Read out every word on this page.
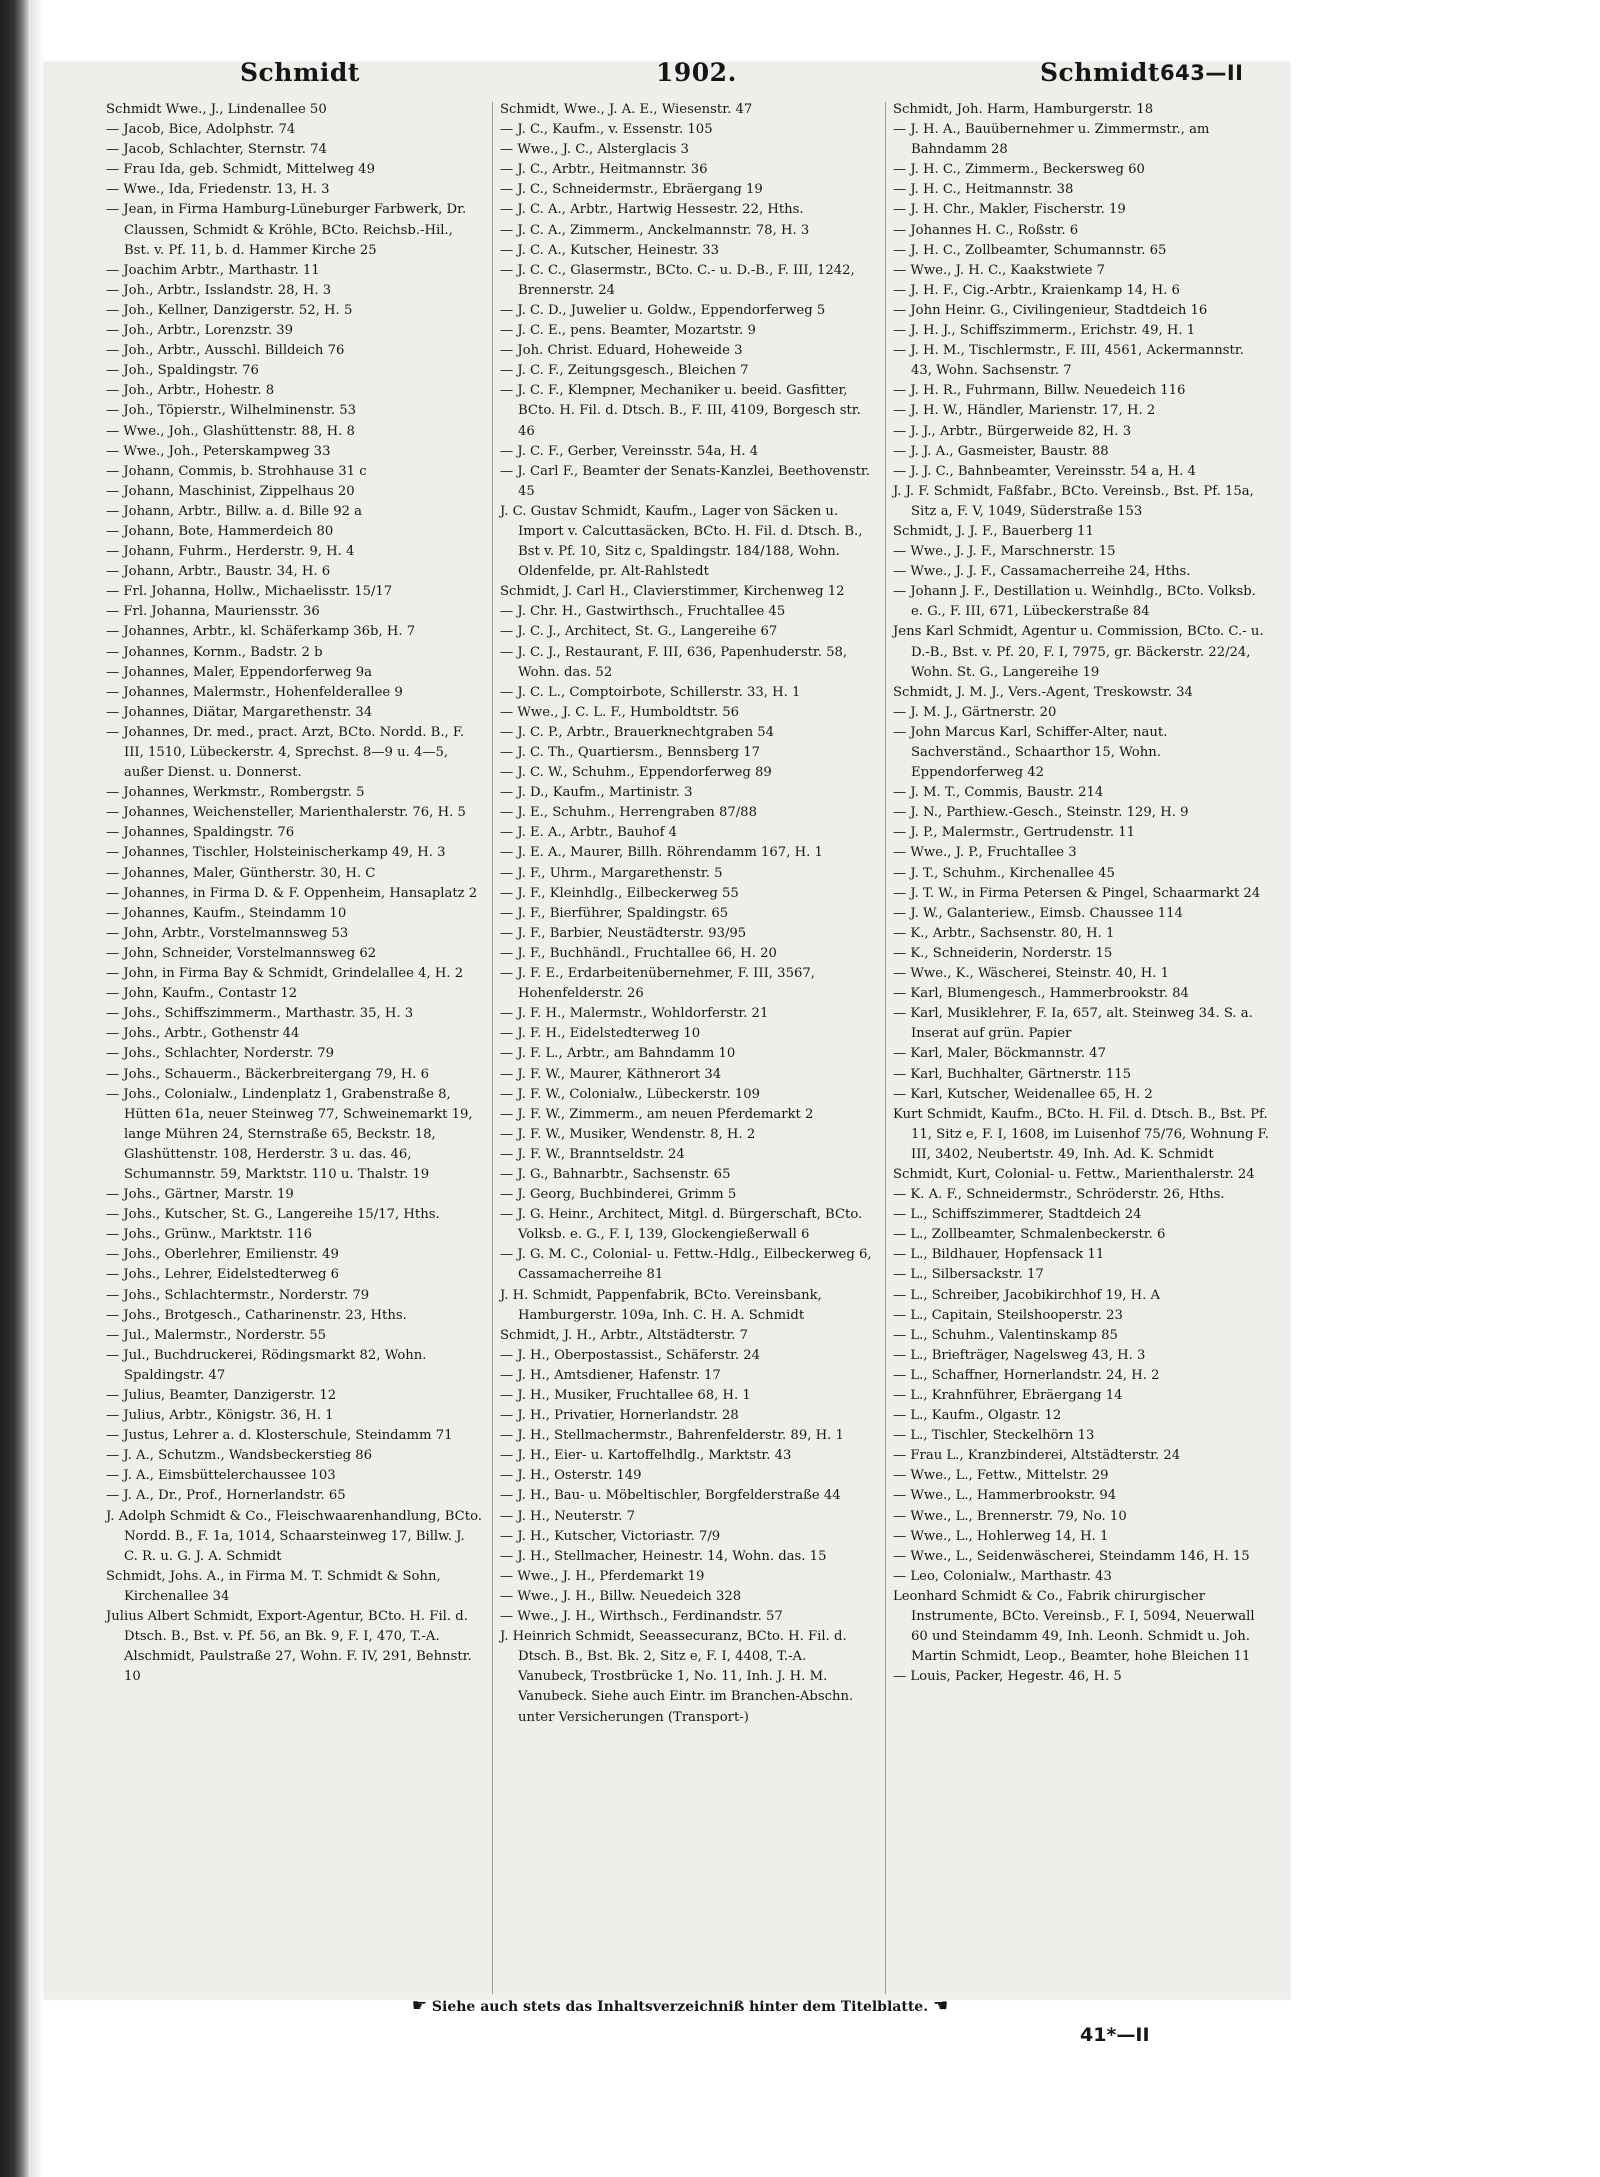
Schmidt	1902.	Schmidt 643—II
Schmidt Wwe., J., Lindenallee 50
— Jacob, Bice, Adolphstr. 74
— Jacob, Schlachter, Sternstr. 74
— Frau Ida, geb. Schmidt, Mittelweg 49
— Wwe., Ida, Friedenstr. 13, H. 3
— Jean, in Firma Hamburg-Lüneburger Farbwerk, Dr. Claussen, Schmidt & Kröhle, BCto. Reichsb.-Hil., Bst. v. Pf. 11, b. d. Hammer Kirche 25
— Joachim Arbtr., Marthastr. 11
— Joh., Arbtr., Isslandstr. 28, H. 3
— Joh., Kellner, Danzigerstr. 52, H. 5
— Joh., Arbtr., Lorenzstr. 39
— Joh., Arbtr., Ausschl. Billdeich 76
— Joh., Spaldingstr. 76
— Joh., Arbtr., Hohestr. 8
— Joh., Töpierstr., Wilhelminenstr. 53
— Wwe., Joh., Glashüttenstr. 88, H. 8
— Wwe., Joh., Peterskampweg 33
— Johann, Commis, b. Strohhause 31 c
— Johann, Maschinist, Zippelhaus 20
— Johann, Arbtr., Billw. a. d. Bille 92 a
— Johann, Bote, Hammerdeich 80
— Johann, Fuhrm., Herderstr. 9, H. 4
— Johann, Arbtr., Baustr. 34, H. 6
— Frl. Johanna, Hollw., Michaelisstr. 15/17
— Frl. Johanna, Mauriensstr. 36
— Johannes, Arbtr., kl. Schäferkamp 36b, H. 7
— Johannes, Kornm., Badstr. 2 b
— Johannes, Maler, Eppendorferweg 9a
— Johannes, Malermstr., Hohenfelderallee 9
— Johannes, Diätar, Margarethenstr. 34
— Johannes, Dr. med., pract. Arzt, BCto. Nordd. B., F. III, 1510, Lübeckerstr. 4, Sprechst. 8—9 u. 4—5, außer Dienst. u. Donnerst.
— Johannes, Werkmstr., Rombergstr. 5
— Johannes, Weichensteller, Marienthalerstr. 76, H. 5
— Johannes, Spaldingstr. 76
— Johannes, Tischler, Holsteinischerkamp 49, H. 3
— Johannes, Maler, Güntherstr. 30, H. C
— Johannes, in Firma D. & F. Oppenheim, Hansaplatz 2
— Johannes, Kaufm., Steindamm 10
— John, Arbtr., Vorstelmannsweg 53
— John, Schneider, Vorstelmannsweg 62
— John, in Firma Bay & Schmidt, Grindelallee 4, H. 2
— John, Kaufm., Contastr 12
— Johs., Schiffszimmerm., Marthastr. 35, H. 3
— Johs., Arbtr., Gothenstr 44
— Johs., Schlachter, Norderstr. 79
— Johs., Schauerm., Bäckerbreitergang 79, H. 6
— Johs., Colonialw., Lindenplatz 1, Grabenstraße 8, Hütten 61a, neuer Steinweg 77, Schweinemarkt 19, lange Mühren 24, Sternstraße 65, Beckstr. 18, Glashüttenstr. 108, Herderstr. 3 u. das. 46, Schumannstr. 59, Marktstr. 110 u. Thalstr. 19
— Johs., Gärtner, Marstr. 19
— Johs., Kutscher, St. G., Langereihe 15/17, Hths.
— Johs., Grünw., Marktstr. 116
— Johs., Oberlehrer, Emilienstr. 49
— Johs., Lehrer, Eidelstedterweg 6
— Johs., Schlachtermstr., Norderstr. 79
— Johs., Brotgesch., Catharinenstr. 23, Hths.
— Jul., Malermstr., Norderstr. 55
— Jul., Buchdruckerei, Rödingsmarkt 82, Wohn. Spaldingstr. 47
— Julius, Beamter, Danzigerstr. 12
— Julius, Arbtr., Königstr. 36, H. 1
— Justus, Lehrer a. d. Klosterschule, Steindamm 71
— J. A., Schutzm., Wandsbeckerstieg 86
— J. A., Eimsbüttelerchaussee 103
— J. A., Dr., Prof., Hornerlandstr. 65
J. Adolph Schmidt & Co., Fleischwaarenhandlung, BCto. Nordd. B., F. 1a, 1014, Schaarsteinweg 17, Billw. J. C. R. u. G. J. A. Schmidt
Schmidt, Johs. A., in Firma M. T. Schmidt & Sohn, Kirchenallee 34
Julius Albert Schmidt, Export-Agentur, BCto. H. Fil. d. Dtsch. B., Bst. v. Pf. 56, an Bk. 9, F. I, 470, T.-A. Alschmidt, Paulstraße 27, Wohn. F. IV, 291, Behnstr. 10
Schmidt, Wwe., J. A. E., Wiesenstr. 47
— J. C., Kaufm., v. Essenstr. 105
— Wwe., J. C., Alsterglacis 3
— J. C., Arbtr., Heitmannstr. 36
— J. C., Schneidermstr., Ebräergang 19
— J. C. A., Arbtr., Hartwig Hessestr. 22, Hths.
— J. C. A., Zimmerm., Anckelmannstr. 78, H. 3
— J. C. A., Kutscher, Heinestr. 33
— J. C. C., Glasermstr., BCto. C.- u. D.-B., F. III, 1242, Brennerstr. 24
— J. C. D., Juwelier u. Goldw., Eppendorferweg 5
— J. C. E., pens. Beamter, Mozartstr. 9
— Joh. Christ. Eduard, Hoheweide 3
— J. C. F., Zeitungsgesch., Bleichen 7
— J. C. F., Klempner, Mechaniker u. beeid. Gasfitter, BCto. H. Fil. d. Dtsch. B., F. III, 4109, Borgesch str. 46
— J. C. F., Gerber, Vereinsstr. 54a, H. 4
— J. Carl F., Beamter der Senats-Kanzlei, Beethovenstr. 45
J. C. Gustav Schmidt, Kaufm., Lager von Säcken u. Import v. Calcuttasäcken, BCto. H. Fil. d. Dtsch. B., Bst v. Pf. 10, Sitz c, Spaldingstr. 184/188, Wohn. Oldenfelde, pr. Alt-Rahlstedt
Schmidt, J. Carl H., Clavierstimmer, Kirchenweg 12
— J. Chr. H., Gastwirthsch., Fruchtallee 45
— J. C. J., Architect, St. G., Langereihe 67
— J. C. J., Restaurant, F. III, 636, Papenhuderstr. 58, Wohn. das. 52
— J. C. L., Comptoirbote, Schillerstr. 33, H. 1
— Wwe., J. C. L. F., Humboldtstr. 56
— J. C. P., Arbtr., Brauerknechtgraben 54
— J. C. Th., Quartiersm., Bennsberg 17
— J. C. W., Schuhm., Eppendorferweg 89
— J. D., Kaufm., Martinistr. 3
— J. E., Schuhm., Herrengraben 87/88
— J. E. A., Arbtr., Bauhof 4
— J. E. A., Maurer, Billh. Röhrendamm 167, H. 1
— J. F., Uhrm., Margarethenstr. 5
— J. F., Kleinhdlg., Eilbeckerweg 55
— J. F., Bierführer, Spaldingstr. 65
— J. F., Barbier, Neustädterstr. 93/95
— J. F., Buchhändl., Fruchtallee 66, H. 20
— J. F. E., Erdarbeitenübernehmer, F. III, 3567, Hohenfelderstr. 26
— J. F. H., Malermstr., Wohldorferstr. 21
— J. F. H., Eidelstedterweg 10
— J. F. L., Arbtr., am Bahndamm 10
— J. F. W., Maurer, Käthnerort 34
— J. F. W., Colonialw., Lübeckerstr. 109
— J. F. W., Zimmerm., am neuen Pferdemarkt 2
— J. F. W., Musiker, Wendenstr. 8, H. 2
— J. F. W., Branntseldstr. 24
— J. G., Bahnarbtr., Sachsenstr. 65
— J. Georg, Buchbinderei, Grimm 5
— J. G. Heinr., Architect, Mitgl. d. Bürgerschaft, BCto. Volksb. e. G., F. I, 139, Glockengießerwall 6
— J. G. M. C., Colonial- u. Fettw.-Hdlg., Eilbeckerweg 6, Cassamacherreihe 81
J. H. Schmidt, Pappenfabrik, BCto. Vereinsbank, Hamburgerstr. 109a, Inh. C. H. A. Schmidt
Schmidt, J. H., Arbtr., Altstädterstr. 7
— J. H., Oberpostassist., Schäferstr. 24
— J. H., Amtsdiener, Hafenstr. 17
— J. H., Musiker, Fruchtallee 68, H. 1
— J. H., Privatier, Hornerlandstr. 28
— J. H., Stellmachermstr., Bahrenfelderstr. 89, H. 1
— J. H., Eier- u. Kartoffelhdlg., Marktstr. 43
— J. H., Osterstr. 149
— J. H., Bau- u. Möbeltischler, Borgfelderstraße 44
— J. H., Neuterstr. 7
— J. H., Kutscher, Victoriastr. 7/9
— J. H., Stellmacher, Heinestr. 14, Wohn. das. 15
— Wwe., J. H., Pferdemarkt 19
— Wwe., J. H., Billw. Neuedeich 328
— Wwe., J. H., Wirthsch., Ferdinandstr. 57
J. Heinrich Schmidt, Seeassecuranz, BCto. H. Fil. d. Dtsch. B., Bst. Bk. 2, Sitz e, F. I, 4408, T.-A. Vanubeck, Trostbrücke 1, No. 11, Inh. J. H. M. Vanubeck. Siehe auch Eintr. im Branchen-Abschn. unter Versicherungen (Transport-)
Schmidt, Joh. Harm, Hamburgerstr. 18
— J. H. A., Bauübernehmer u. Zimmermstr., am Bahndamm 28
— J. H. C., Zimmerm., Beckersweg 60
— J. H. C., Heitmannstr. 38
— J. H. Chr., Makler, Fischerstr. 19
— Johannes H. C., Roßstr. 6
— J. H. C., Zollbeamter, Schumannstr. 65
— Wwe., J. H. C., Kaakstwiete 7
— J. H. F., Cig.-Arbtr., Kraienkamp 14, H. 6
— John Heinr. G., Civilingenieur, Stadtdeich 16
— J. H. J., Schiffszimmerm., Erichstr. 49, H. 1
— J. H. M., Tischlermstr., F. III, 4561, Ackermannstr. 43, Wohn. Sachsenstr. 7
— J. H. R., Fuhrmann, Billw. Neuedeich 116
— J. H. W., Händler, Marienstr. 17, H. 2
— J. J., Arbtr., Bürgerweide 82, H. 3
— J. J. A., Gasmeister, Baustr. 88
— J. J. C., Bahnbeamter, Vereinsstr. 54 a, H. 4
J. J. F. Schmidt, Faßfabr., BCto. Vereinsb., Bst. Pf. 15a, Sitz a, F. V, 1049, Süderstraße 153
Schmidt, J. J. F., Bauerberg 11
— Wwe., J. J. F., Marschnerstr. 15
— Wwe., J. J. F., Cassamacherreihe 24, Hths.
— Johann J. F., Destillation u. Weinhdlg., BCto. Volksb. e. G., F. III, 671, Lübeckerstraße 84
Jens Karl Schmidt, Agentur u. Commission, BCto. C.- u. D.-B., Bst. v. Pf. 20, F. I, 7975, gr. Bäckerstr. 22/24, Wohn. St. G., Langereihe 19
Schmidt, J. M. J., Vers.-Agent, Treskowstr. 34
— J. M. J., Gärtnerstr. 20
— John Marcus Karl, Schiffer-Alter, naut. Sachverständ., Schaarthor 15, Wohn. Eppendorferweg 42
— J. M. T., Commis, Baustr. 214
— J. N., Parthiew.-Gesch., Steinstr. 129, H. 9
— J. P., Malermstr., Gertrudenstr. 11
— Wwe., J. P., Fruchtallee 3
— J. T., Schuhm., Kirchenallee 45
— J. T. W., in Firma Petersen & Pingel, Schaarmarkt 24
— J. W., Galanteriew., Eimsb. Chaussee 114
— K., Arbtr., Sachsenstr. 80, H. 1
— K., Schneiderin, Norderstr. 15
— Wwe., K., Wäscherei, Steinstr. 40, H. 1
— Karl, Blumengesch., Hammerbrookstr. 84
— Karl, Musiklehrer, F. Ia, 657, alt. Steinweg 34. S. a. Inserat auf grün. Papier
— Karl, Maler, Böckmannstr. 47
— Karl, Buchhalter, Gärtnerstr. 115
— Karl, Kutscher, Weidenallee 65, H. 2
Kurt Schmidt, Kaufm., BCto. H. Fil. d. Dtsch. B., Bst. Pf. 11, Sitz e, F. I, 1608, im Luisenhof 75/76, Wohnung F. III, 3402, Neubertstr. 49, Inh. Ad. K. Schmidt
Schmidt, Kurt, Colonial- u. Fettw., Marienthalerstr. 24
— K. A. F., Schneidermstr., Schröderstr. 26, Hths.
— L., Schiffszimmerer, Stadtdeich 24
— L., Zollbeamter, Schmalenbeckerstr. 6
— L., Bildhauer, Hopfensack 11
— L., Silbersackstr. 17
— L., Schreiber, Jacobikirchhof 19, H. A
— L., Capitain, Steilshooperstr. 23
— L., Schuhm., Valentinskamp 85
— L., Briefträger, Nagelsweg 43, H. 3
— L., Schaffner, Hornerlandstr. 24, H. 2
— L., Krahnführer, Ebräergang 14
— L., Kaufm., Olgastr. 12
— L., Tischler, Steckelhörn 13
— Frau L., Kranzbinderei, Altstädterstr. 24
— Wwe., L., Fettw., Mittelstr. 29
— Wwe., L., Hammerbrookstr. 94
— Wwe., L., Brennerstr. 79, No. 10
— Wwe., L., Hohlerweg 14, H. 1
— Wwe., L., Seidenwäscherei, Steindamm 146, H. 15
— Leo, Colonialw., Marthastr. 43
Leonhard Schmidt & Co., Fabrik chirurgischer Instrumente, BCto. Vereinsb., F. I, 5094, Neuerwall 60 und Steindamm 49, Inh. Leonh. Schmidt u. Joh. Martin Schmidt, Leop., Beamter, hohe Bleichen 11
— Louis, Packer, Hegestr. 46, H. 5
☛ Siehe auch stets das Inhaltsverzeichniß hinter dem Titelblatte. ☚
41*—II
